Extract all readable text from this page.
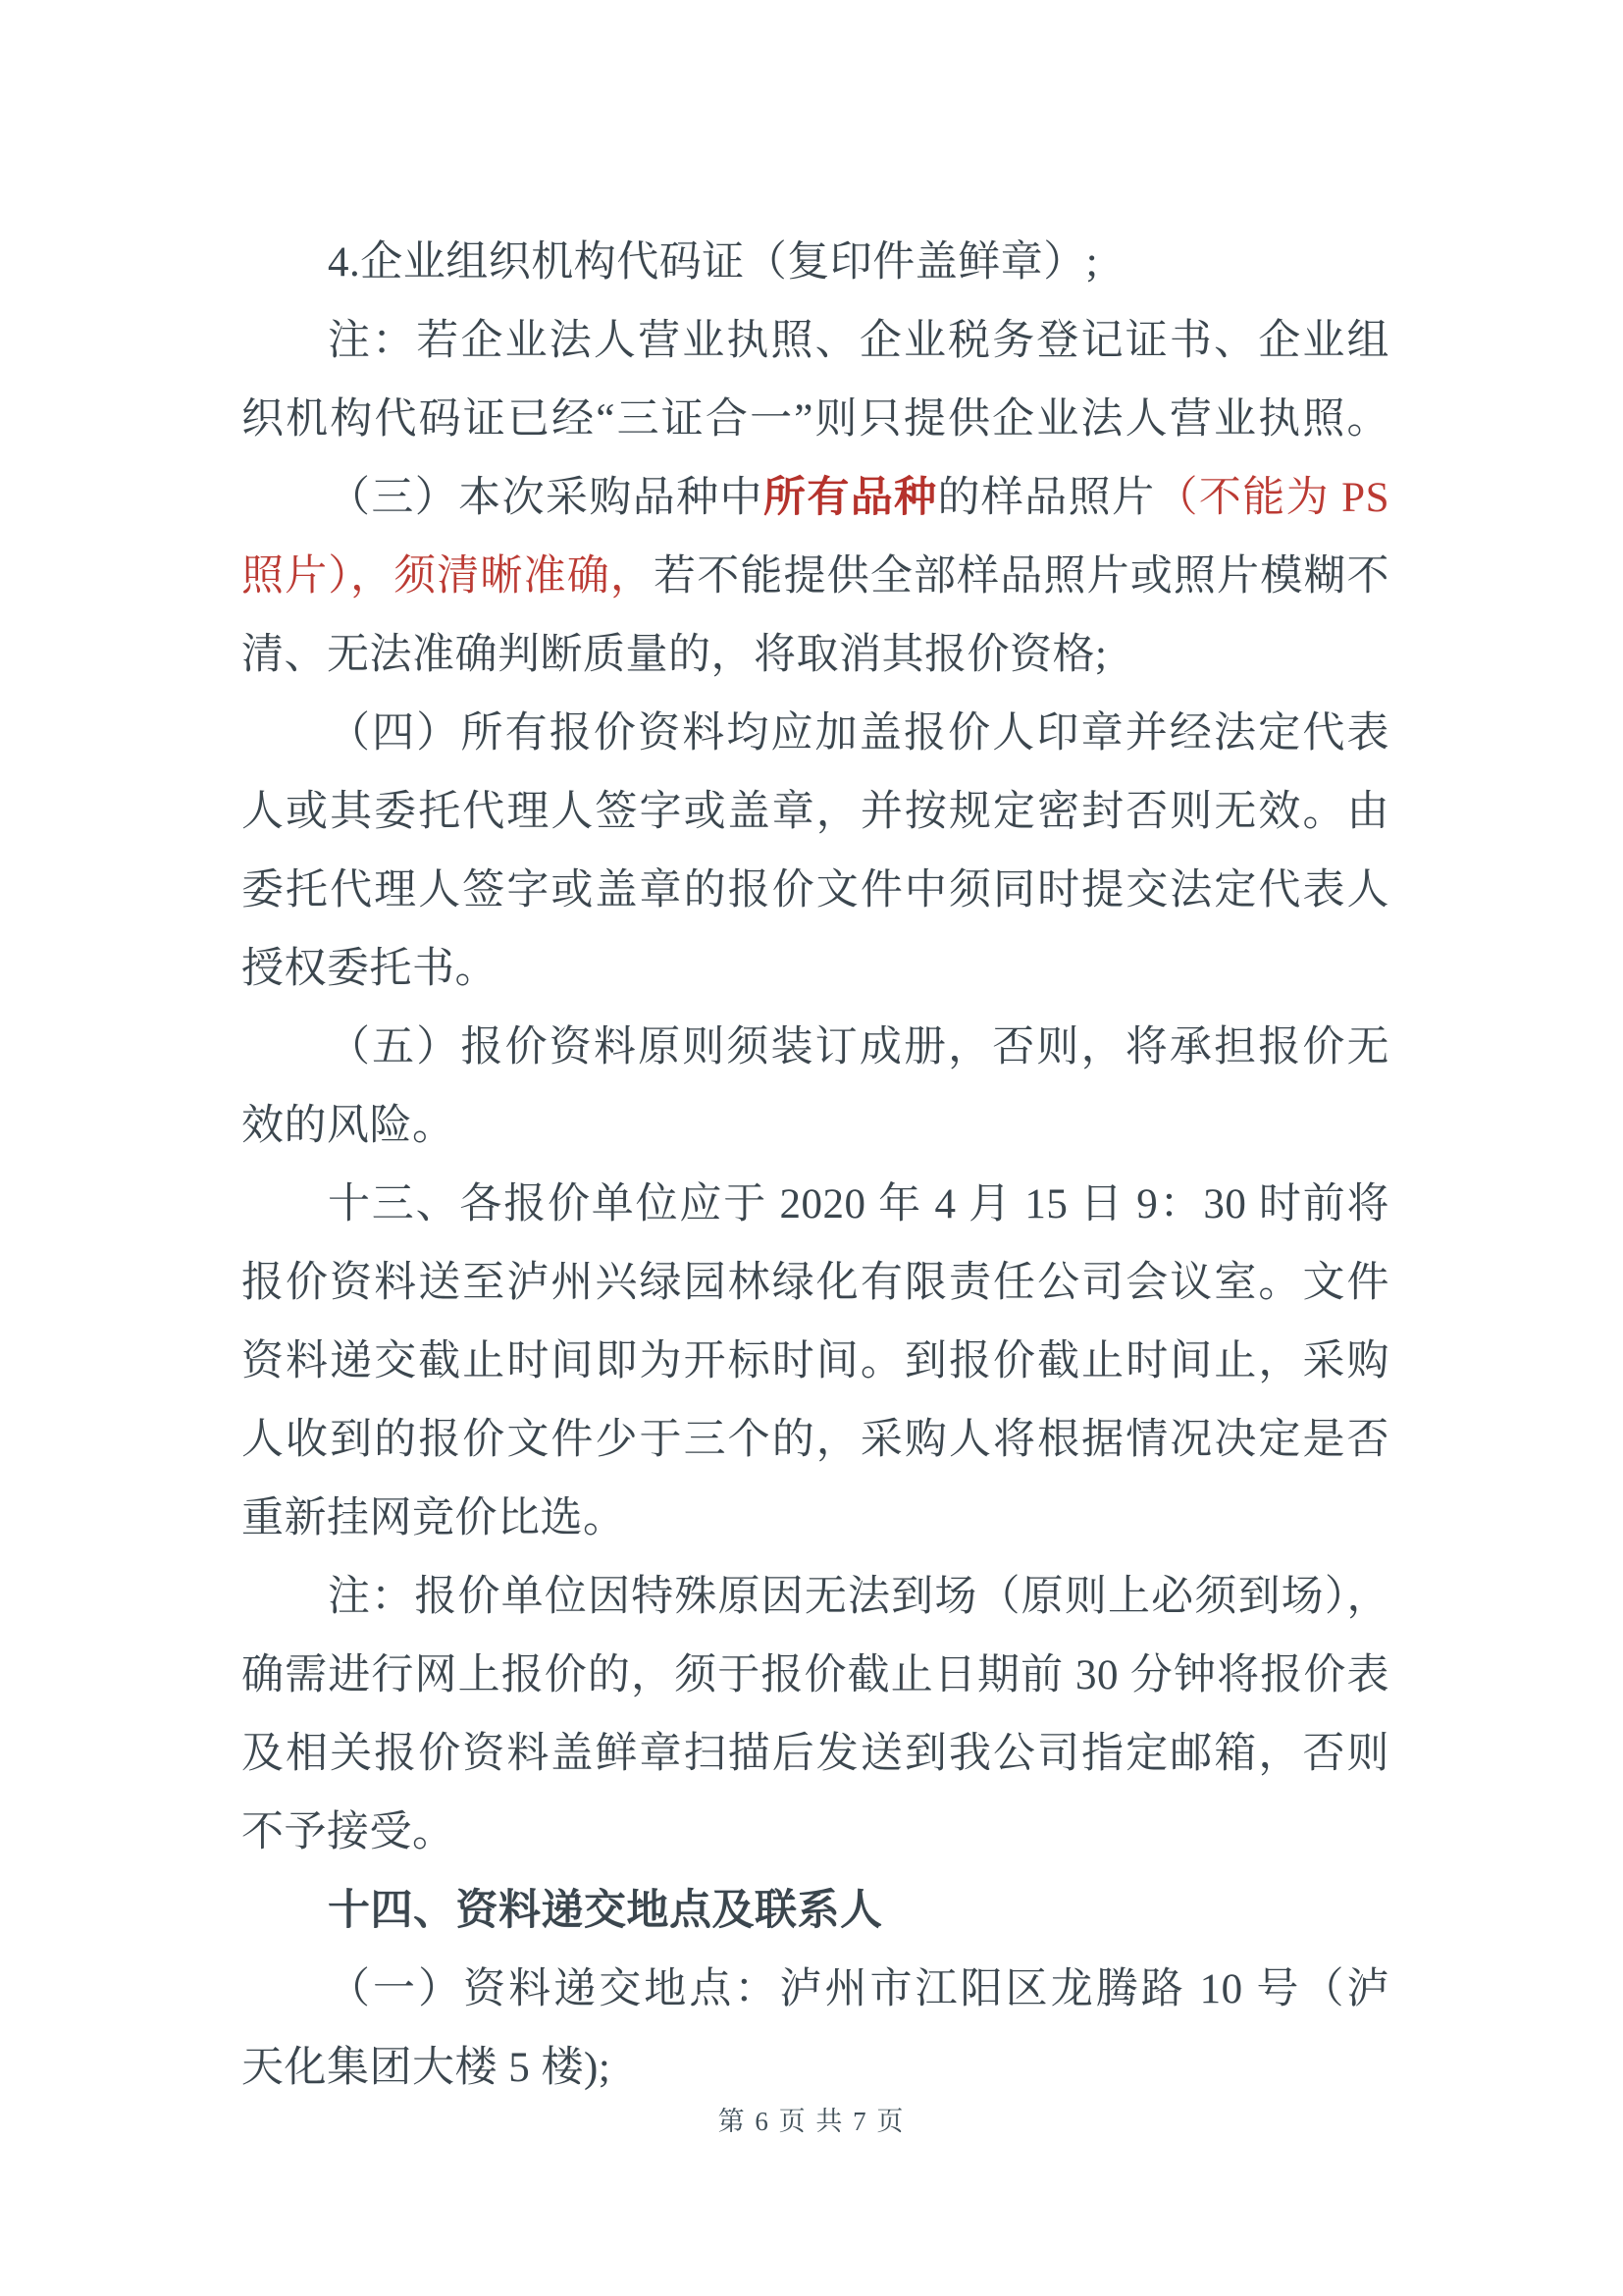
4.企业组织机构代码证（复印件盖鲜章）;
注：若企业法人营业执照、企业税务登记证书、企业组
织机构代码证已经“三证合一”则只提供企业法人营业执照。
（三）本次采购品种中所有品种的样品照片（不能为 PS
照片），须清晰准确，若不能提供全部样品照片或照片模糊不
清、无法准确判断质量的，将取消其报价资格;
（四）所有报价资料均应加盖报价人印章并经法定代表
人或其委托代理人签字或盖章，并按规定密封否则无效。由
委托代理人签字或盖章的报价文件中须同时提交法定代表人
授权委托书。
（五）报价资料原则须装订成册，否则，将承担报价无
效的风险。
十三、各报价单位应于 2020 年 4 月 15 日 9：30 时前将
报价资料送至泸州兴绿园林绿化有限责任公司会议室。文件
资料递交截止时间即为开标时间。到报价截止时间止，采购
人收到的报价文件少于三个的，采购人将根据情况决定是否
重新挂网竞价比选。
注：报价单位因特殊原因无法到场（原则上必须到场），
确需进行网上报价的，须于报价截止日期前 30 分钟将报价表
及相关报价资料盖鲜章扫描后发送到我公司指定邮箱，否则
不予接受。
十四、资料递交地点及联系人
（一）资料递交地点：泸州市江阳区龙腾路 10 号（泸
天化集团大楼 5 楼);
第 6 页 共 7 页
